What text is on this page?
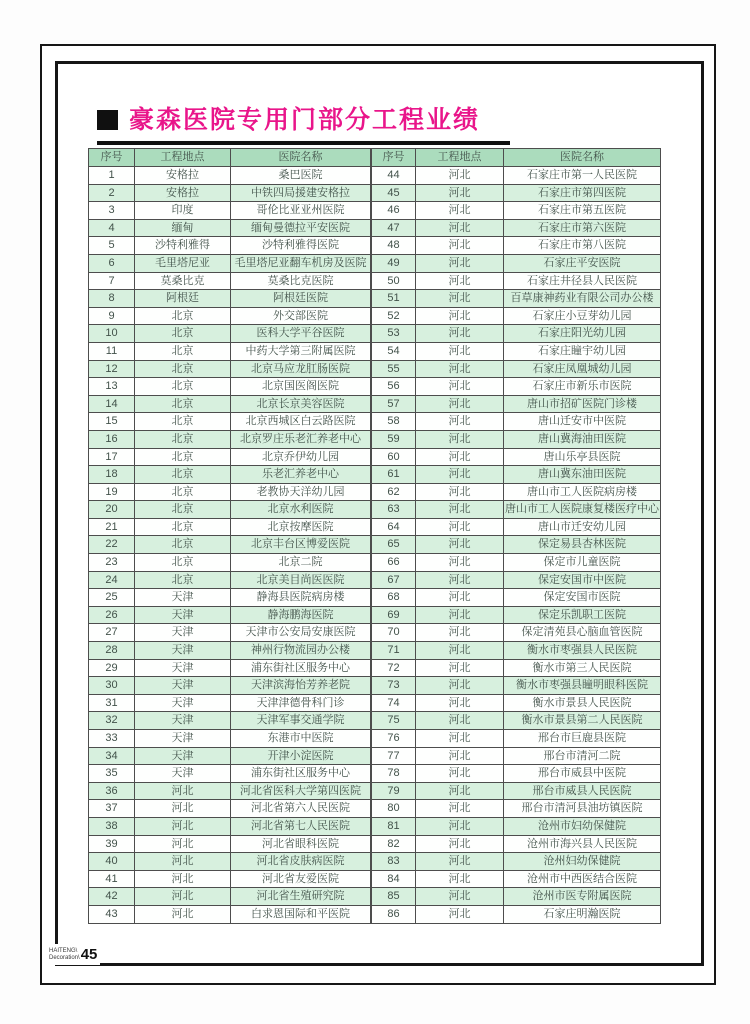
豪森医院专用门部分工程业绩
序号	工程地点	医院名称
1	安格拉	桑巴医院
2	安格拉	中铁四局援建安格拉
3	印度	哥伦比亚亚州医院
4	缅甸	缅甸曼德拉平安医院
5	沙特利雅得	沙特利雅得医院
6	毛里塔尼亚	毛里塔尼亚翻车机房及医院
7	莫桑比克	莫桑比克医院
8	阿根廷	阿根廷医院
9	北京	外交部医院
10	北京	医科大学平谷医院
11	北京	中药大学第三附属医院
12	北京	北京马应龙肛肠医院
13	北京	北京国医阁医院
14	北京	北京长京美容医院
15	北京	北京西城区白云路医院
16	北京	北京罗庄乐老汇养老中心
17	北京	北京乔伊幼儿园
18	北京	乐老汇养老中心
19	北京	老教协天洋幼儿园
20	北京	北京水利医院
21	北京	北京按摩医院
22	北京	北京丰台区博爱医院
23	北京	北京二院
24	北京	北京美目尚医医院
25	天津	静海县医院病房楼
26	天津	静海鹏海医院
27	天津	天津市公安局安康医院
28	天津	神州行物流园办公楼
29	天津	浦东街社区服务中心
30	天津	天津滨海怡芳养老院
31	天津	天津津德骨科门诊
32	天津	天津军事交通学院
33	天津	东港市中医院
34	天津	开津小淀医院
35	天津	浦东街社区服务中心
36	河北	河北省医科大学第四医院
37	河北	河北省第六人民医院
38	河北	河北省第七人民医院
39	河北	河北省眼科医院
40	河北	河北省皮肤病医院
41	河北	河北省友爱医院
42	河北	河北省生殖研究院
43	河北	白求恩国际和平医院
序号	工程地点	医院名称
44	河北	石家庄市第一人民医院
45	河北	石家庄市第四医院
46	河北	石家庄市第五医院
47	河北	石家庄市第六医院
48	河北	石家庄市第八医院
49	河北	石家庄平安医院
50	河北	石家庄井径县人民医院
51	河北	百草康神药业有限公司办公楼
52	河北	石家庄小豆芽幼儿园
53	河北	石家庄阳光幼儿园
54	河北	石家庄瞳宇幼儿园
55	河北	石家庄凤凰城幼儿园
56	河北	石家庄市新乐市医院
57	河北	唐山市招矿医院门诊楼
58	河北	唐山迁安市中医院
59	河北	唐山冀海油田医院
60	河北	唐山乐亭县医院
61	河北	唐山冀东油田医院
62	河北	唐山市工人医院病房楼
63	河北	唐山市工人医院康复楼医疗中心
64	河北	唐山市迁安幼儿园
65	河北	保定易县杏林医院
66	河北	保定市儿童医院
67	河北	保定安国市中医院
68	河北	保定安国市医院
69	河北	保定乐凯职工医院
70	河北	保定清苑县心脑血管医院
71	河北	衡水市枣强县人民医院
72	河北	衡水市第三人民医院
73	河北	衡水市枣强县瞳明眼科医院
74	河北	衡水市景县人民医院
75	河北	衡水市景县第二人民医院
76	河北	邢台市巨鹿县医院
77	河北	邢台市清河二院
78	河北	邢台市威县中医院
79	河北	邢台市威县人民医院
80	河北	邢台市清河县油坊镇医院
81	河北	沧州市妇幼保健院
82	河北	沧州市海兴县人民医院
83	河北	沧州妇幼保健院
84	河北	沧州市中西医结合医院
85	河北	沧州市医专附属医院
86	河北	石家庄明瀚医院
HAITENG\
Decoration\ 45
